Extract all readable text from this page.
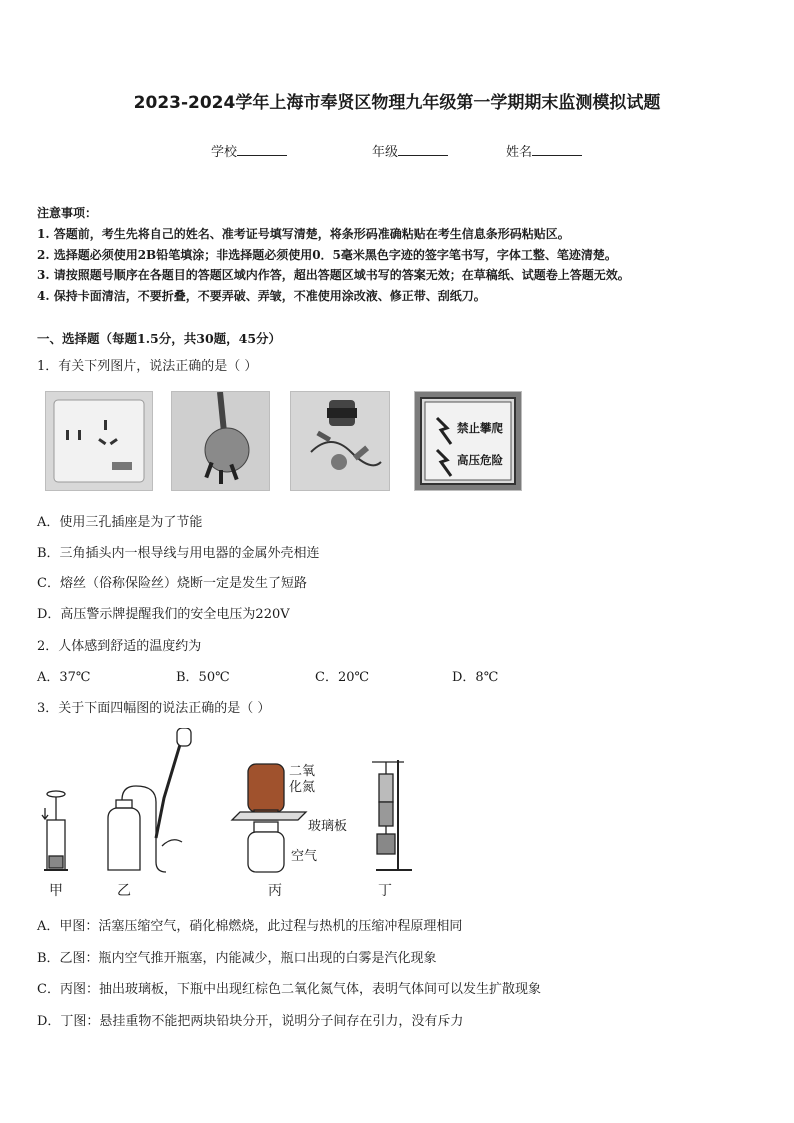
2023-2024学年上海市奉贤区物理九年级第一学期期末监测模拟试题
学校	年级	姓名
注意事项：
1. 答题前，考生先将自己的姓名、准考证号填写清楚，将条形码准确粘贴在考生信息条形码粘贴区。
2. 选择题必须使用2B铅笔填涂；非选择题必须使用0．5毫米黑色字迹的签字笔书写，字体工整、笔迹清楚。
3. 请按照题号顺序在各题目的答题区域内作答，超出答题区域书写的答案无效；在草稿纸、试题卷上答题无效。
4. 保持卡面清洁，不要折叠，不要弄破、弄皱，不准使用涂改液、修正带、刮纸刀。
一、选择题（每题1.5分，共30题，45分）
1．有关下列图片，说法正确的是（ ）
禁止攀爬
高压危险
A．使用三孔插座是为了节能
B．三角插头内一根导线与用电器的金属外壳相连
C．熔丝（俗称保险丝）烧断一定是发生了短路
D．高压警示牌提醒我们的安全电压为220V
2．人体感到舒适的温度约为
A．37℃	B．50℃	C．20℃	D．8℃
3．关于下面四幅图的说法正确的是（ ）
二氧
化氮
玻璃板
空气
甲	乙	丙	丁
A．甲图：活塞压缩空气，硝化棉燃烧，此过程与热机的压缩冲程原理相同
B．乙图：瓶内空气推开瓶塞，内能减少，瓶口出现的白雾是汽化现象
C．丙图：抽出玻璃板，下瓶中出现红棕色二氧化氮气体，表明气体间可以发生扩散现象
D．丁图：悬挂重物不能把两块铅块分开，说明分子间存在引力，没有斥力
